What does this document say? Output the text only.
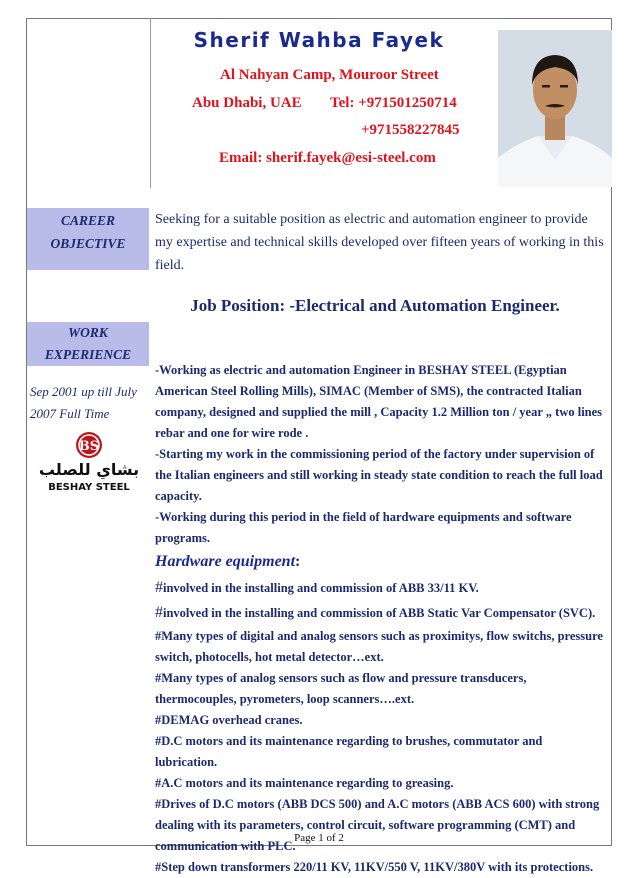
Sherif Wahba Fayek
Al Nahyan Camp, Mouroor Street
Abu Dhabi, UAE Tel: +971501250714
+971558227845
Email: sherif.fayek@esi-steel.com
CAREER
OBJECTIVE
Seeking for a suitable position as electric and automation engineer to provide my expertise and technical skills developed over fifteen years of working in this field.
Job Position: -Electrical and Automation Engineer.
WORK
EXPERIENCE
Sep 2001 up till July
2007 Full Time
BS
بشاي للصلب
BESHAY STEEL

-Working as electric and automation Engineer in BESHAY STEEL (Egyptian American Steel Rolling Mills), SIMAC (Member of SMS), the contracted Italian company, designed and supplied the mill , Capacity 1.2 Million ton / year „ two lines rebar and one for wire rode .

-Starting my work in the commissioning period of the factory under supervision of the Italian engineers and still working in steady state condition to reach the full load capacity.

-Working during this period in the field of hardware equipments and software programs.

Hardware equipment:

#involved in the installing and commission of ABB 33/11 KV.

#involved in the installing and commission of ABB Static Var Compensator (SVC).

#Many types of digital and analog sensors such as proximitys, flow switchs, pressure switch, photocells, hot metal detector…ext.

#Many types of analog sensors such as flow and pressure transducers, thermocouples, pyrometers, loop scanners….ext.

#DEMAG overhead cranes.

#D.C motors and its maintenance regarding to brushes, commutator and lubrication.

#A.C motors and its maintenance regarding to greasing.

#Drives of D.C motors (ABB DCS 500) and A.C motors (ABB ACS 600) with strong dealing with its parameters, control circuit, software programming (CMT) and communication with PLC.

#Step down transformers 220/11 KV, 11KV/550 V, 11KV/380V with its protections.

Page 1 of 2
